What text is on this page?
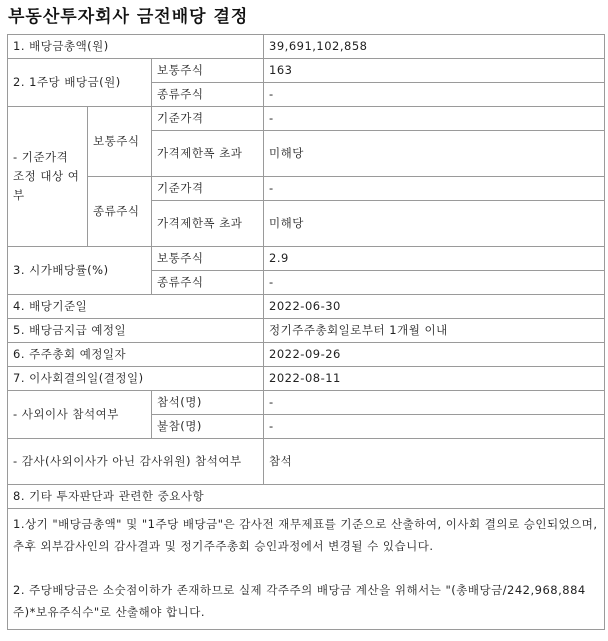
부동산투자회사 금전배당 결정
1. 배당금총액(원)			39,691,102,858
2. 1주당 배당금(원)		보통주식	163
		종류주식	-
- 기준가격 조정 대상 여부	보통주식	기준가격	-
		가격제한폭 초과	미해당
	종류주식	기준가격	-
		가격제한폭 초과	미해당
3. 시가배당률(%)		보통주식	2.9
		종류주식	-
4. 배당기준일			2022-06-30
5. 배당금지급 예정일			정기주주총회일로부터 1개월 이내
6. 주주총회 예정일자			2022-09-26
7. 이사회결의일(결정일)			2022-08-11
- 사외이사 참석여부		참석(명)	-
		불참(명)	-
- 감사(사외이사가 아닌 감사위원) 참석여부			참석
8. 기타 투자판단과 관련한 중요사항			
1.상기 "배당금총액" 및 "1주당 배당금"은 감사전 재무제표를 기준으로 산출하여, 이사회 결의로 승인되었으며, 추후 외부감사인의 감사결과 및 정기주주총회 승인과정에서 변경될 수 있습니다.

2. 주당배당금은 소숫점이하가 존재하므로 실제 각주주의 배당금 계산을 위해서는 "(총배당금/242,968,884주)*보유주식수"로 산출해야 합니다.			
